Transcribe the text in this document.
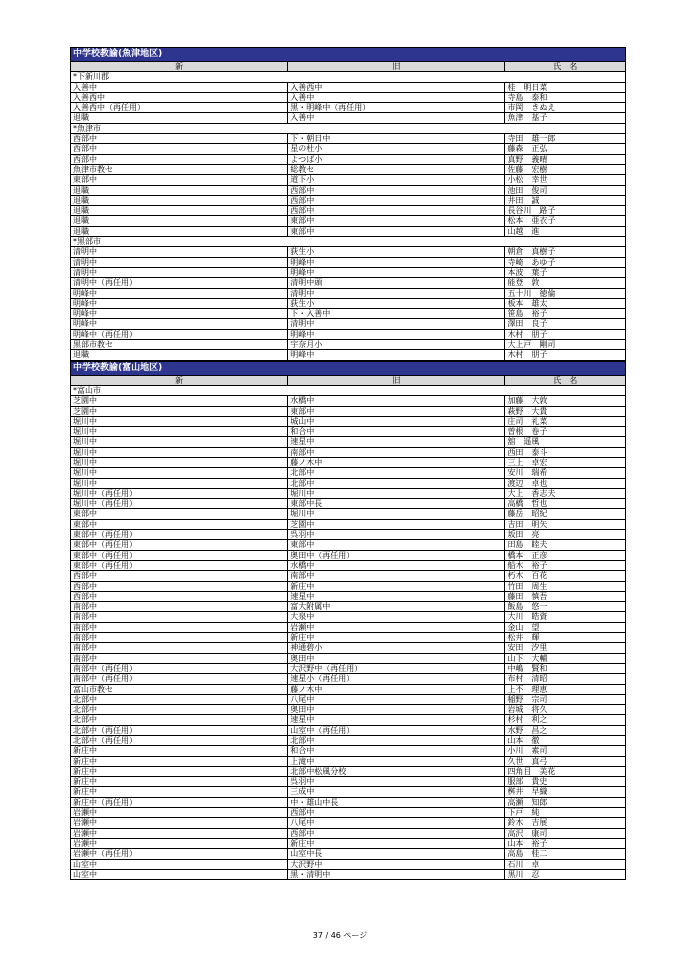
中学校教諭(魚津地区)
新	旧	氏　名
*下新川郡
入善中	入善西中	桂　明日菜
入善西中	入善中	寺島　泰和
入善西中（再任用）	黒・明峰中（再任用）	市岡　きぬえ
退職	入善中	魚津　基子
*魚津市
西部中	下・朝日中	寺田　雄一郎
西部中	星の杜小	藤森　正弘
西部中	よつば小	真野　義晴
魚津市教セ	総教セ	佐藤　宏樹
東部中	道下小	小松　幸世
退職	西部中	池田　俊司
退職	西部中	井田　誠
退職	西部中	長谷川　路子
退職	東部中	松本　亜衣子
退職	東部中	山越　進
*黒部市
清明中	荻生小	朝倉　真樹子
清明中	明峰中	寺崎　あゆ子
清明中	明峰中	本波　葉子
清明中（再任用）	清明中頭	能登　敦
明峰中	清明中	五十川　徳倫
明峰中	荻生小	板本　雄太
明峰中	下・入善中	笹島　裕子
明峰中	清明中	澤田　良子
明峰中（再任用）	明峰中	木村　朋子
黒部市教セ	宇奈月小	大上戸　剛司
退職	明峰中	木村　朋子
中学校教諭(富山地区)
新	旧	氏　名
*富山市
芝園中	水橋中	加藤　大敦
芝園中	東部中	萩野　大貴
堀川中	城山中	庄司　礼菜
堀川中	和合中	曽根　卷子
堀川中	速星中	舘　遥風
堀川中	南部中	西田　泰斗
堀川中	藤ノ木中	三上　卓宏
堀川中	北部中	安川　瑞希
堀川中	北部中	渡辺　卓也
堀川中（再任用）	堀川中	大上　香志夫
堀川中（再任用）	東部中長	高橋　哲也
東部中	堀川中	藤岳　昭紀
東部中	芝園中	吉田　明矢
東部中（再任用）	呉羽中	坂田　亮
東部中（再任用）	東部中	田島　睦夫
東部中（再任用）	奥田中（再任用）	橋本　正彦
東部中（再任用）	水橋中	船木　裕子
西部中	南部中	朽木　百花
西部中	新庄中	竹田　周生
西部中	速星中	藤田　慎吾
南部中	富大附属中	飯島　悠一
南部中	大泉中	大川　皓資
南部中	岩瀬中	金山　望
南部中	新庄中	松井　輝
南部中	神通碧小	安田　汐里
南部中	奥田中	山下　大輔
南部中（再任用）	大沢野中（再任用）	中嶋　賢和
南部中（再任用）	速星小（再任用）	布村　清昭
富山市教セ	藤ノ木中	上不　理恵
北部中	八尾中	稲野　宗司
北部中	奥田中	岩城　将久
北部中	速星中	杉村　利之
北部中（再任用）	山室中（再任用）	水野　昌之
北部中（再任用）	北部中	山本　徹
新庄中	和合中	小川　素司
新庄中	上滝中	久世　真弓
新庄中	北部中松風分校	四角目　美花
新庄中	呉羽中	服部　貴史
新庄中	三成中	桝井　早織
新庄中（再任用）	中・雄山中長	高瀬　知郎
岩瀬中	西部中	下戸　純
岩瀬中	八尾中	鈴木　吉展
岩瀬中	西部中	高沢　康司
岩瀬中	新庄中	山本　裕子
岩瀬中（再任用）	山室中長	高島　桂二
山室中	大沢野中	石川　卓
山室中	黒・清明中	黒川　忍
37 / 46 ページ
